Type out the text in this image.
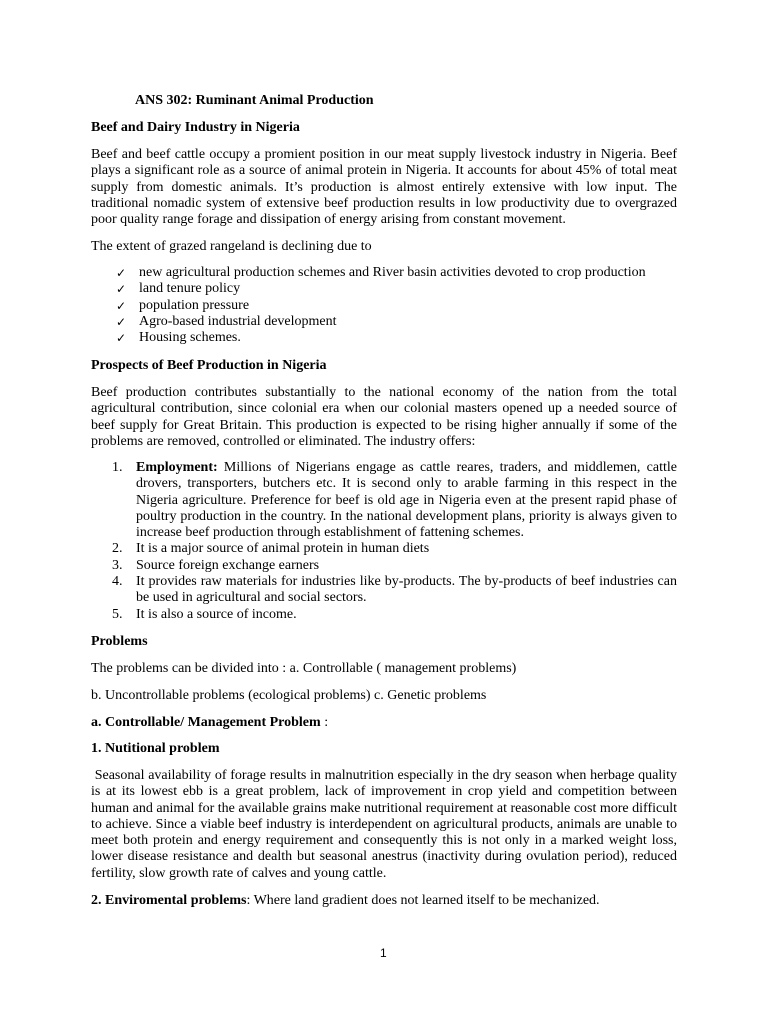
ANS 302: Ruminant Animal Production
Beef and Dairy Industry in Nigeria

Beef and beef cattle occupy a promient position in our meat supply livestock industry in Nigeria. Beef plays a significant role as a source of animal protein in Nigeria. It accounts for about 45% of total meat supply from domestic animals. It’s production is almost entirely extensive with low input. The traditional nomadic system of extensive beef production results in low productivity due to overgrazed poor quality range forage and dissipation of energy arising from constant movement.

The extent of grazed rangeland is declining due to
✓ new agricultural production schemes and River basin activities devoted to crop production
✓ land tenure policy
✓ population pressure
✓ Agro-based industrial development
✓ Housing schemes.
Prospects of Beef Production in Nigeria

Beef production contributes substantially to the national economy of the nation from the total agricultural contribution, since colonial era when our colonial masters opened up a needed source of beef supply for Great Britain. This production is expected to be rising higher annually if some of the problems are removed, controlled or eliminated. The industry offers:

1. Employment: Millions of Nigerians engage as cattle reares, traders, and middlemen, cattle drovers, transporters, butchers etc. It is second only to arable farming in this respect in the Nigeria agriculture. Preference for beef is old age in Nigeria even at the present rapid phase of poultry production in the country. In the national development plans, priority is always given to increase beef production through establishment of fattening schemes.
2. It is a major source of animal protein in human diets
3. Source foreign exchange earners
4. It provides raw materials for industries like by-products. The by-products of beef industries can be used in agricultural and social sectors.
5. It is also a source of income.
Problems
The problems can be divided into : a. Controllable ( management problems)
b. Uncontrollable problems (ecological problems) c. Genetic problems
a. Controllable/ Management Problem :
1. Nutitional problem

Seasonal availability of forage results in malnutrition especially in the dry season when herbage quality is at its lowest ebb is a great problem, lack of improvement in crop yield and competition between human and animal for the available grains make nutritional requirement at reasonable cost more difficult to achieve. Since a viable beef industry is interdependent on agricultural products, animals are unable to meet both protein and energy requirement and consequently this is not only in a marked weight loss, lower disease resistance and dealth but seasonal anestrus (inactivity during ovulation period), reduced fertility, slow growth rate of calves and young cattle.

2. Enviromental problems: Where land gradient does not learned itself to be mechanized.
1
